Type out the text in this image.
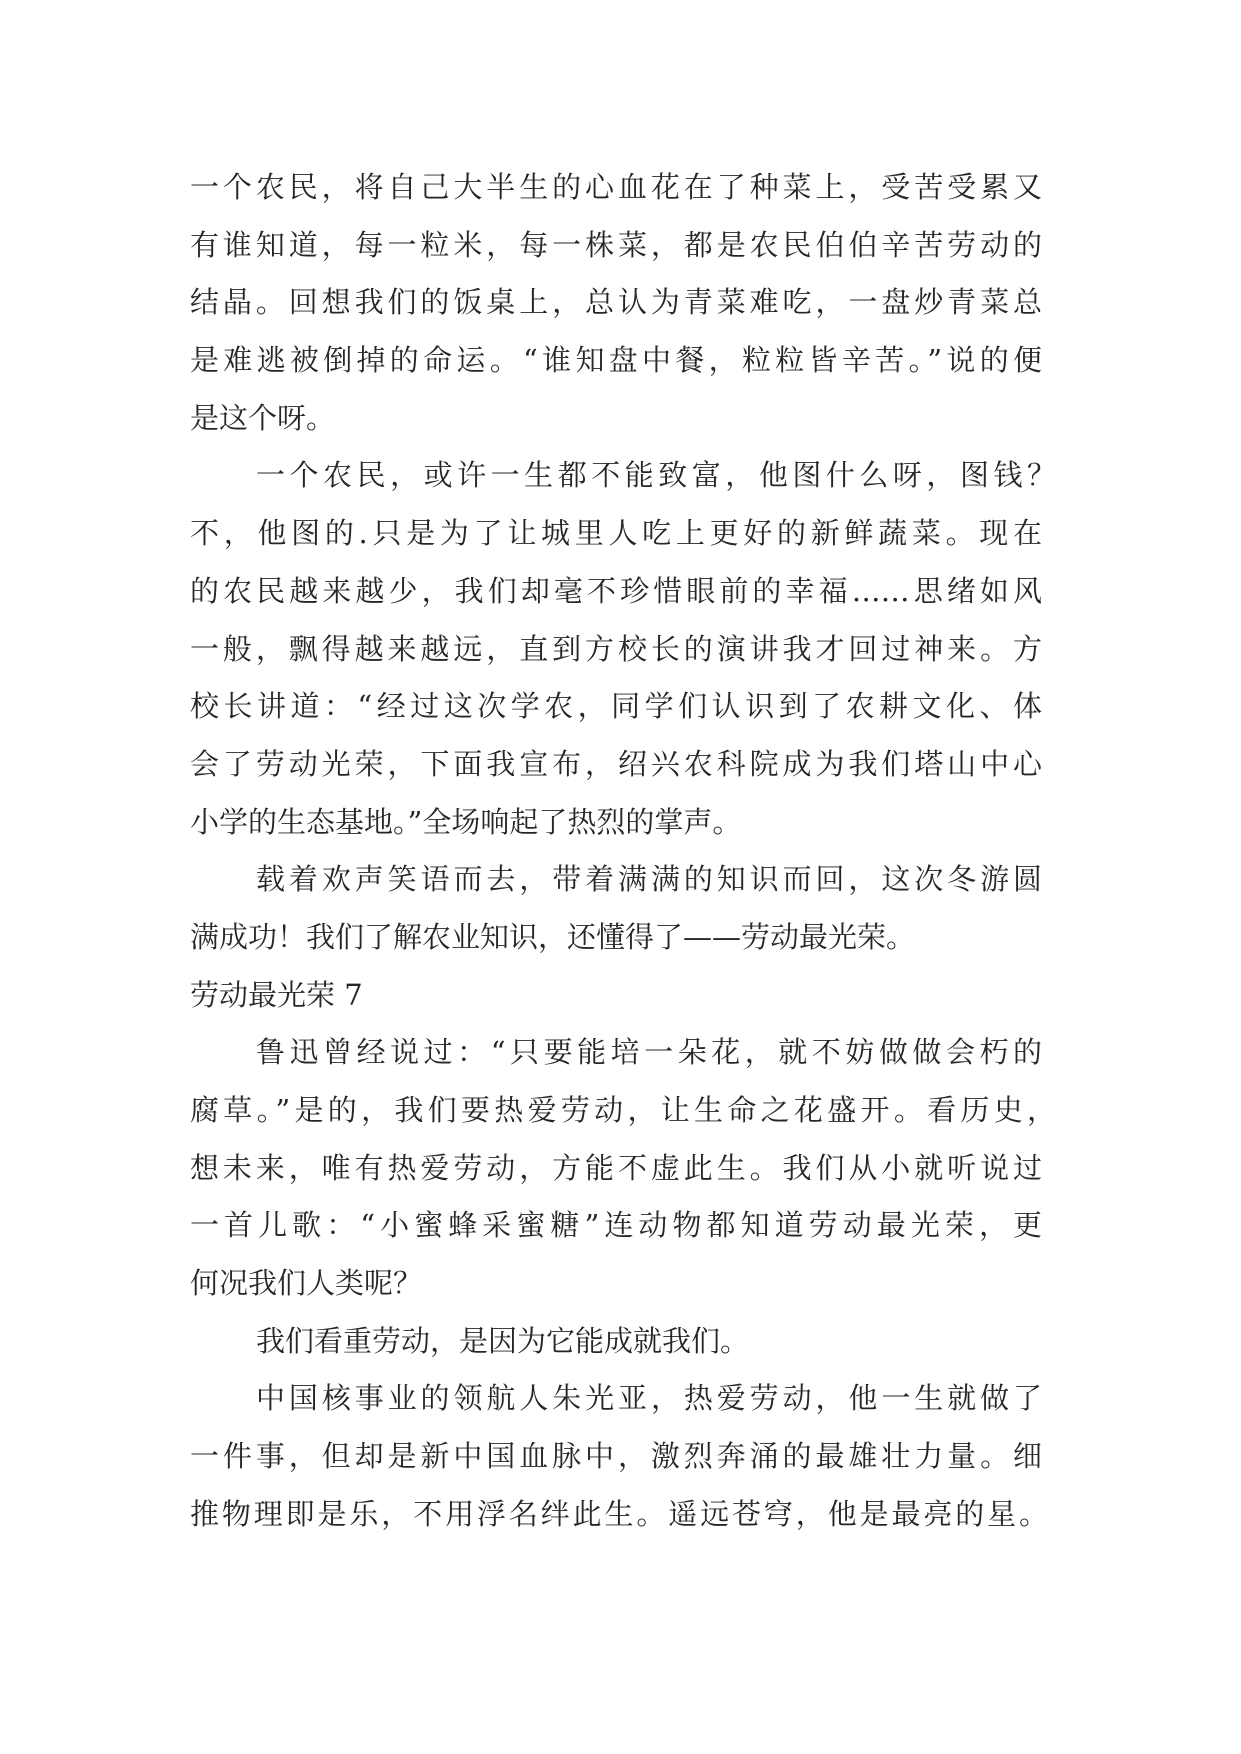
一个农民，将自己大半生的心血花在了种菜上，受苦受累又
有谁知道，每一粒米，每一株菜，都是农民伯伯辛苦劳动的
结晶。回想我们的饭桌上，总认为青菜难吃，一盘炒青菜总
是难逃被倒掉的命运。“谁知盘中餐，粒粒皆辛苦。”说的便
是这个呀。
一个农民，或许一生都不能致富，他图什么呀，图钱？
不，他图的.只是为了让城里人吃上更好的新鲜蔬菜。现在
的农民越来越少，我们却毫不珍惜眼前的幸福……思绪如风
一般，飘得越来越远，直到方校长的演讲我才回过神来。方
校长讲道：“经过这次学农，同学们认识到了农耕文化、体
会了劳动光荣，下面我宣布，绍兴农科院成为我们塔山中心
小学的生态基地。”全场响起了热烈的掌声。
载着欢声笑语而去，带着满满的知识而回，这次冬游圆
满成功！我们了解农业知识，还懂得了——劳动最光荣。
劳动最光荣 7
鲁迅曾经说过：“只要能培一朵花，就不妨做做会朽的
腐草。”是的，我们要热爱劳动，让生命之花盛开。看历史，
想未来，唯有热爱劳动，方能不虚此生。我们从小就听说过
一首儿歌：“小蜜蜂采蜜糖”连动物都知道劳动最光荣，更
何况我们人类呢？
我们看重劳动，是因为它能成就我们。
中国核事业的领航人朱光亚，热爱劳动，他一生就做了
一件事，但却是新中国血脉中，激烈奔涌的最雄壮力量。细
推物理即是乐，不用浮名绊此生。遥远苍穹，他是最亮的星。
